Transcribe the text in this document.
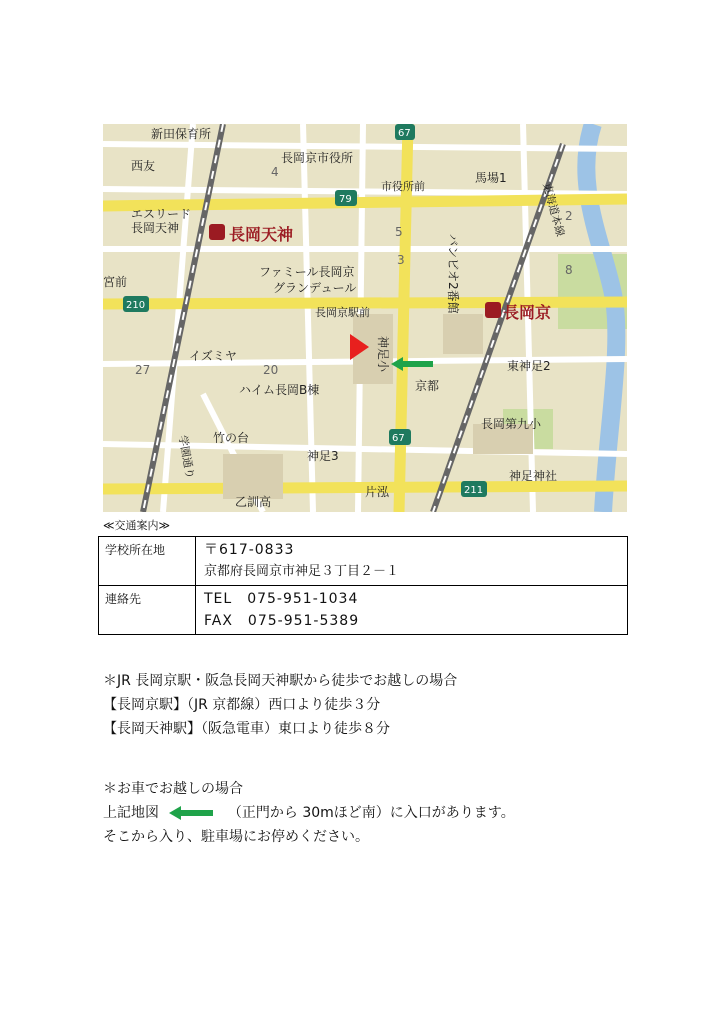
新田保育所
西友
長岡京市役所
市役所前
馬場1
エスリード
長岡天神	長岡天神
ファミール長岡京
グランデュール
長岡京駅前	バンビオ2番館
神足小
長岡京
東神足2
イズミヤ
ハイム長岡B棟	京都
長岡第九小
竹の台
学園通り	神足3
神足神社
片泓
乙訓高
東海道本線
宮前
67
79
67
210
211
4
5
3
2
8
20
27
≪交通案内≫
学校所在地	〒617-0833
京都府長岡京市神足３丁目２－１

連絡先	TEL　075-951-1034
FAX　075-951-5389
＊JR 長岡京駅・阪急長岡天神駅から徒歩でお越しの場合
【長岡京駅】（JR 京都線）西口より徒歩３分
【長岡天神駅】（阪急電車）東口より徒歩８分
＊お車でお越しの場合
上記地図	（正門から 30mほど南）に入口があります。
そこから入り、駐車場にお停めください。
